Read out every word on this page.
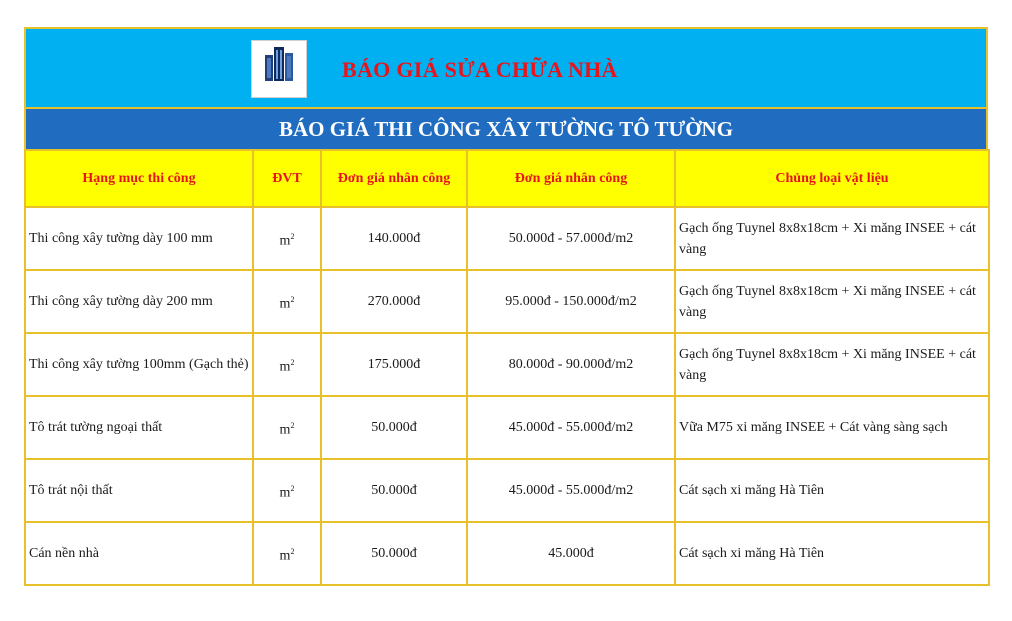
BÁO GIÁ SỬA CHỮA NHÀ
BÁO GIÁ THI CÔNG XÂY TƯỜNG TÔ TƯỜNG
Hạng mục thi công	ĐVT	Đơn giá nhân công	Đơn giá nhân công	Chủng loại vật liệu
Thi công xây tường dày 100 mm	$m^2$	140.000đ	50.000đ - 57.000đ/m2	Gạch ống Tuynel 8x8x18cm + Xi măng INSEE + cát vàng
Thi công xây tường dày 200 mm	$m^2$	270.000đ	95.000đ - 150.000đ/m2	Gạch ống Tuynel 8x8x18cm + Xi măng INSEE + cát vàng
Thi công xây tường 100mm (Gạch thẻ)	$m^2$	175.000đ	80.000đ - 90.000đ/m2	Gạch ống Tuynel 8x8x18cm + Xi măng INSEE + cát vàng
Tô trát tường ngoại thất	$m^2$	50.000đ	45.000đ - 55.000đ/m2	Vữa M75 xi măng INSEE + Cát vàng sàng sạch
Tô trát nội thất	$m^2$	50.000đ	45.000đ - 55.000đ/m2	Cát sạch xi măng Hà Tiên
Cán nền nhà	$m^2$	50.000đ	45.000đ	Cát sạch xi măng Hà Tiên
